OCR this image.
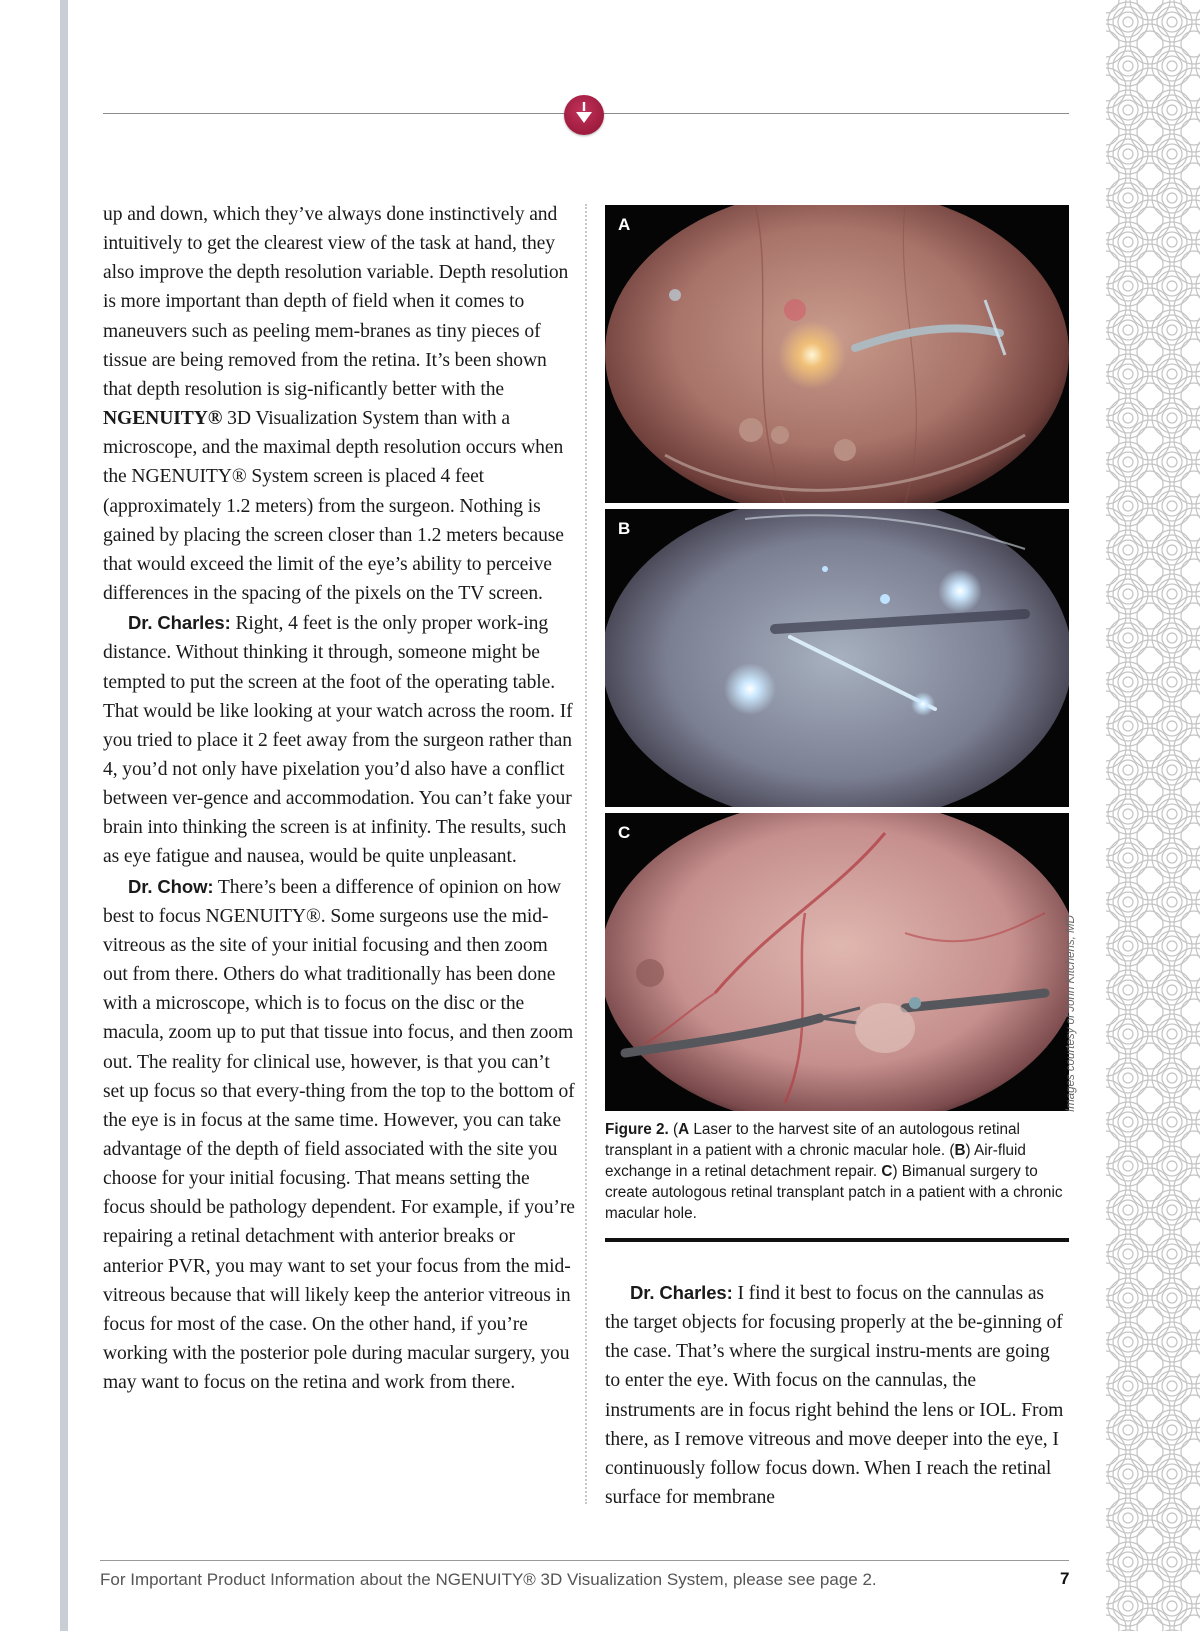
up and down, which they’ve always done instinctively and intuitively to get the clearest view of the task at hand, they also improve the depth resolution variable. Depth resolution is more important than depth of field when it comes to maneuvers such as peeling mem-branes as tiny pieces of tissue are being removed from the retina. It’s been shown that depth resolution is sig-nificantly better with the NGENUITY® 3D Visualization System than with a microscope, and the maximal depth resolution occurs when the NGENUITY® System screen is placed 4 feet (approximately 1.2 meters) from the surgeon. Nothing is gained by placing the screen closer than 1.2 meters because that would exceed the limit of the eye’s ability to perceive differences in the spacing of the pixels on the TV screen.

Dr. Charles: Right, 4 feet is the only proper work-ing distance. Without thinking it through, someone might be tempted to put the screen at the foot of the operating table. That would be like looking at your watch across the room. If you tried to place it 2 feet away from the surgeon rather than 4, you’d not only have pixelation you’d also have a conflict between ver-gence and accommodation. You can’t fake your brain into thinking the screen is at infinity. The results, such as eye fatigue and nausea, would be quite unpleasant.

Dr. Chow: There’s been a difference of opinion on how best to focus NGENUITY®. Some surgeons use the mid-vitreous as the site of your initial focusing and then zoom out from there. Others do what traditionally has been done with a microscope, which is to focus on the disc or the macula, zoom up to put that tissue into focus, and then zoom out. The reality for clinical use, however, is that you can’t set up focus so that every-thing from the top to the bottom of the eye is in focus at the same time. However, you can take advantage of the depth of field associated with the site you choose for your initial focusing. That means setting the focus should be pathology dependent. For example, if you’re repairing a retinal detachment with anterior breaks or anterior PVR, you may want to set your focus from the mid-vitreous because that will likely keep the anterior vitreous in focus for most of the case. On the other hand, if you’re working with the posterior pole during macular surgery, you may want to focus on the retina and work from there.

A
B
C
Images courtesy of John Kitchens, MD
Figure 2. (A Laser to the harvest site of an autologous retinal transplant in a patient with a chronic macular hole. (B) Air-fluid exchange in a retinal detachment repair. C) Bimanual surgery to create autologous retinal transplant patch in a patient with a chronic macular hole.

Dr. Charles: I find it best to focus on the cannulas as the target objects for focusing properly at the be-ginning of the case. That’s where the surgical instru-ments are going to enter the eye. With focus on the cannulas, the instruments are in focus right behind the lens or IOL. From there, as I remove vitreous and move deeper into the eye, I continuously follow focus down. When I reach the retinal surface for membrane

For Important Product Information about the NGENUITY® 3D Visualization System, please see page 2.	7
